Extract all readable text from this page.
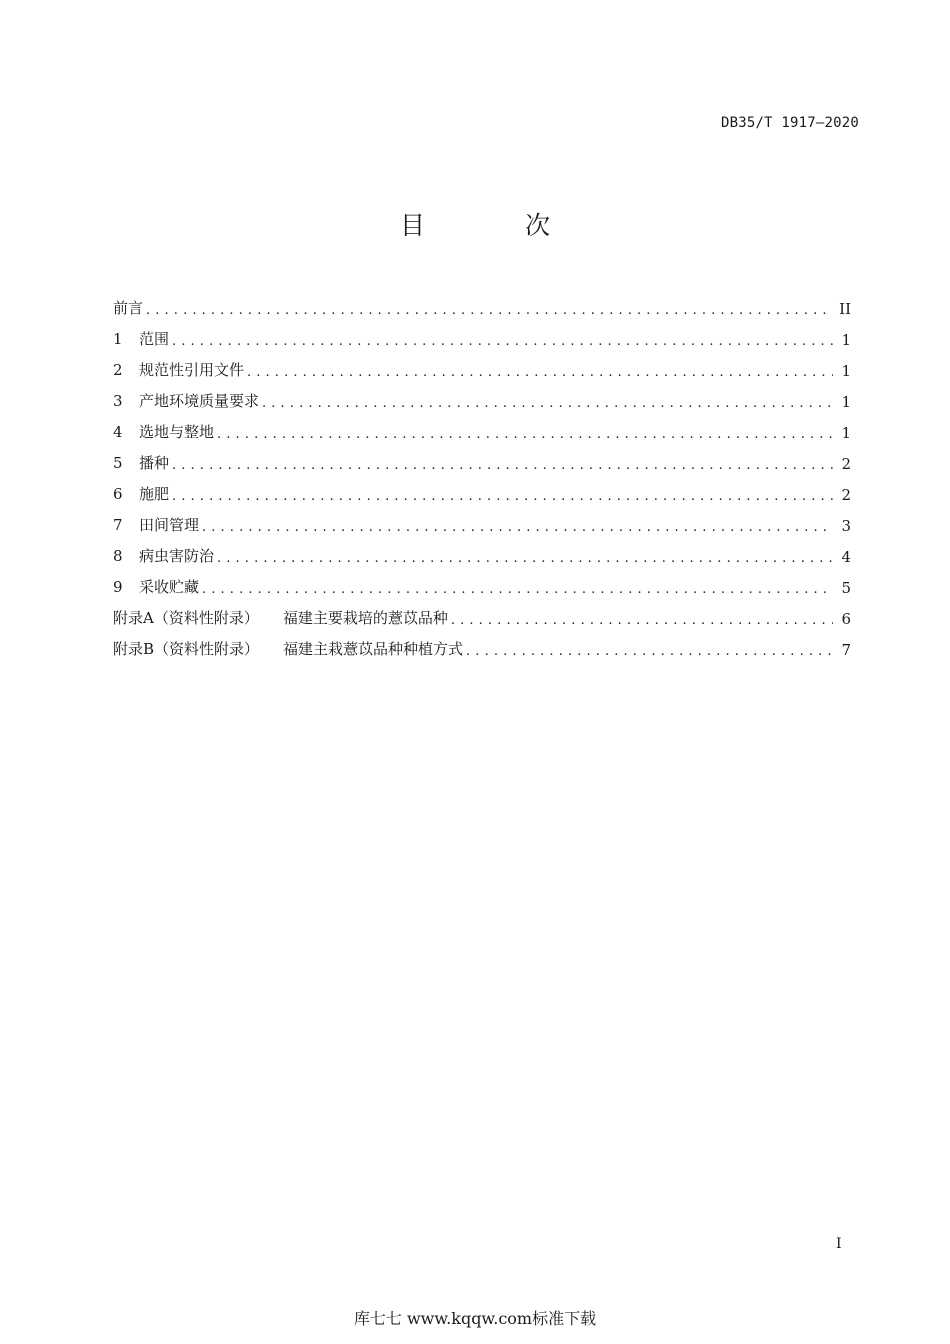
DB35/T 1917—2020
目 次
前言 . . .	II
1 范围 . . .	1
2 规范性引用文件 . . .	1
3 产地环境质量要求 . . .	1
4 选地与整地 . . .	1
5 播种 . . .	2
6 施肥 . . .	2
7 田间管理 . . .	3
8 病虫害防治 . . .	4
9 采收贮藏 . . .	5
附录A（资料性附录） 福建主要栽培的薏苡品种 . . .	6
附录B（资料性附录） 福建主栽薏苡品种种植方式 . . .	7
I
库七七 www.kqqw.com标准下载
